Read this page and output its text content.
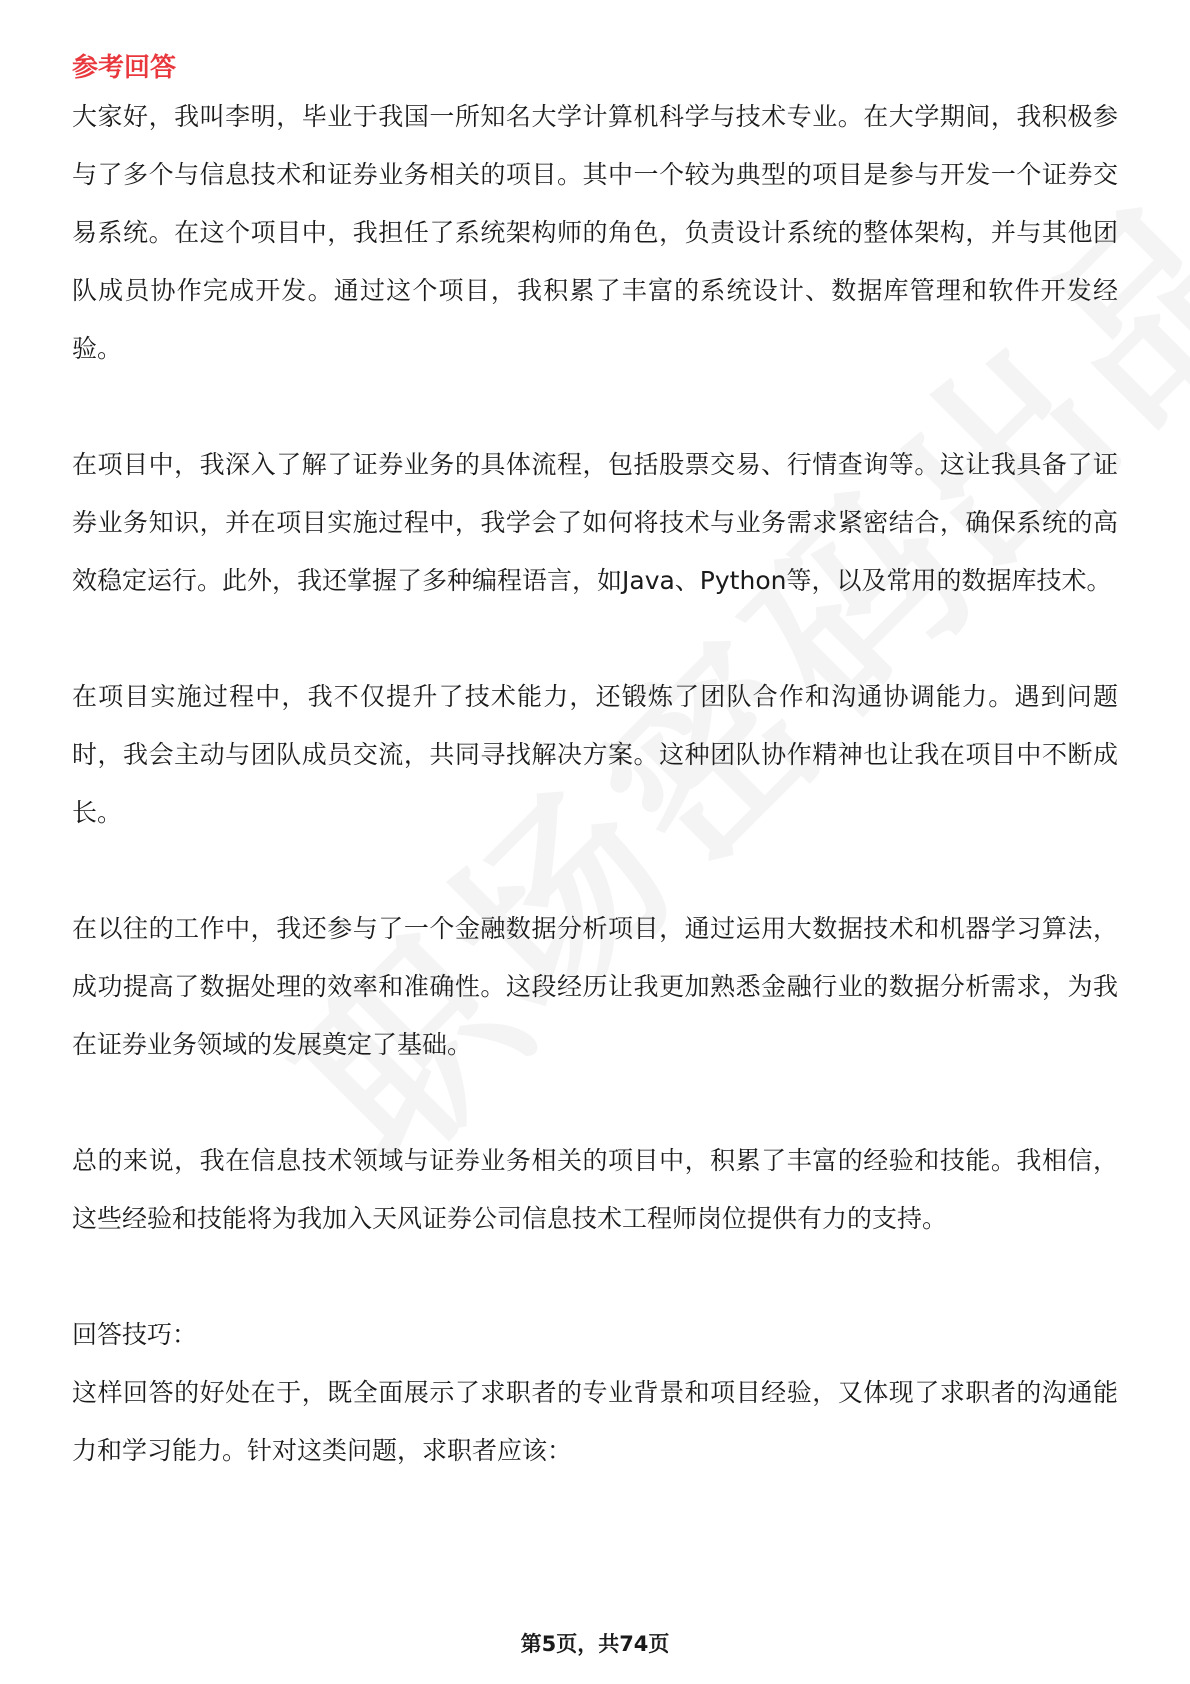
参考回答

大家好，我叫李明，毕业于我国一所知名大学计算机科学与技术专业。在大学期间，我积极参与了多个与信息技术和证券业务相关的项目。其中一个较为典型的项目是参与开发一个证券交易系统。在这个项目中，我担任了系统架构师的角色，负责设计系统的整体架构，并与其他团队成员协作完成开发。通过这个项目，我积累了丰富的系统设计、数据库管理和软件开发经验。

在项目中，我深入了解了证券业务的具体流程，包括股票交易、行情查询等。这让我具备了证券业务知识，并在项目实施过程中，我学会了如何将技术与业务需求紧密结合，确保系统的高效稳定运行。此外，我还掌握了多种编程语言，如Java、Python等，以及常用的数据库技术。

在项目实施过程中，我不仅提升了技术能力，还锻炼了团队合作和沟通协调能力。遇到问题时，我会主动与团队成员交流，共同寻找解决方案。这种团队协作精神也让我在项目中不断成长。

在以往的工作中，我还参与了一个金融数据分析项目，通过运用大数据技术和机器学习算法，成功提高了数据处理的效率和准确性。这段经历让我更加熟悉金融行业的数据分析需求，为我在证券业务领域的发展奠定了基础。

总的来说，我在信息技术领域与证券业务相关的项目中，积累了丰富的经验和技能。我相信，这些经验和技能将为我加入天风证券公司信息技术工程师岗位提供有力的支持。

回答技巧：

这样回答的好处在于，既全面展示了求职者的专业背景和项目经验，又体现了求职者的沟通能力和学习能力。针对这类问题，求职者应该：

第5页，共74页
